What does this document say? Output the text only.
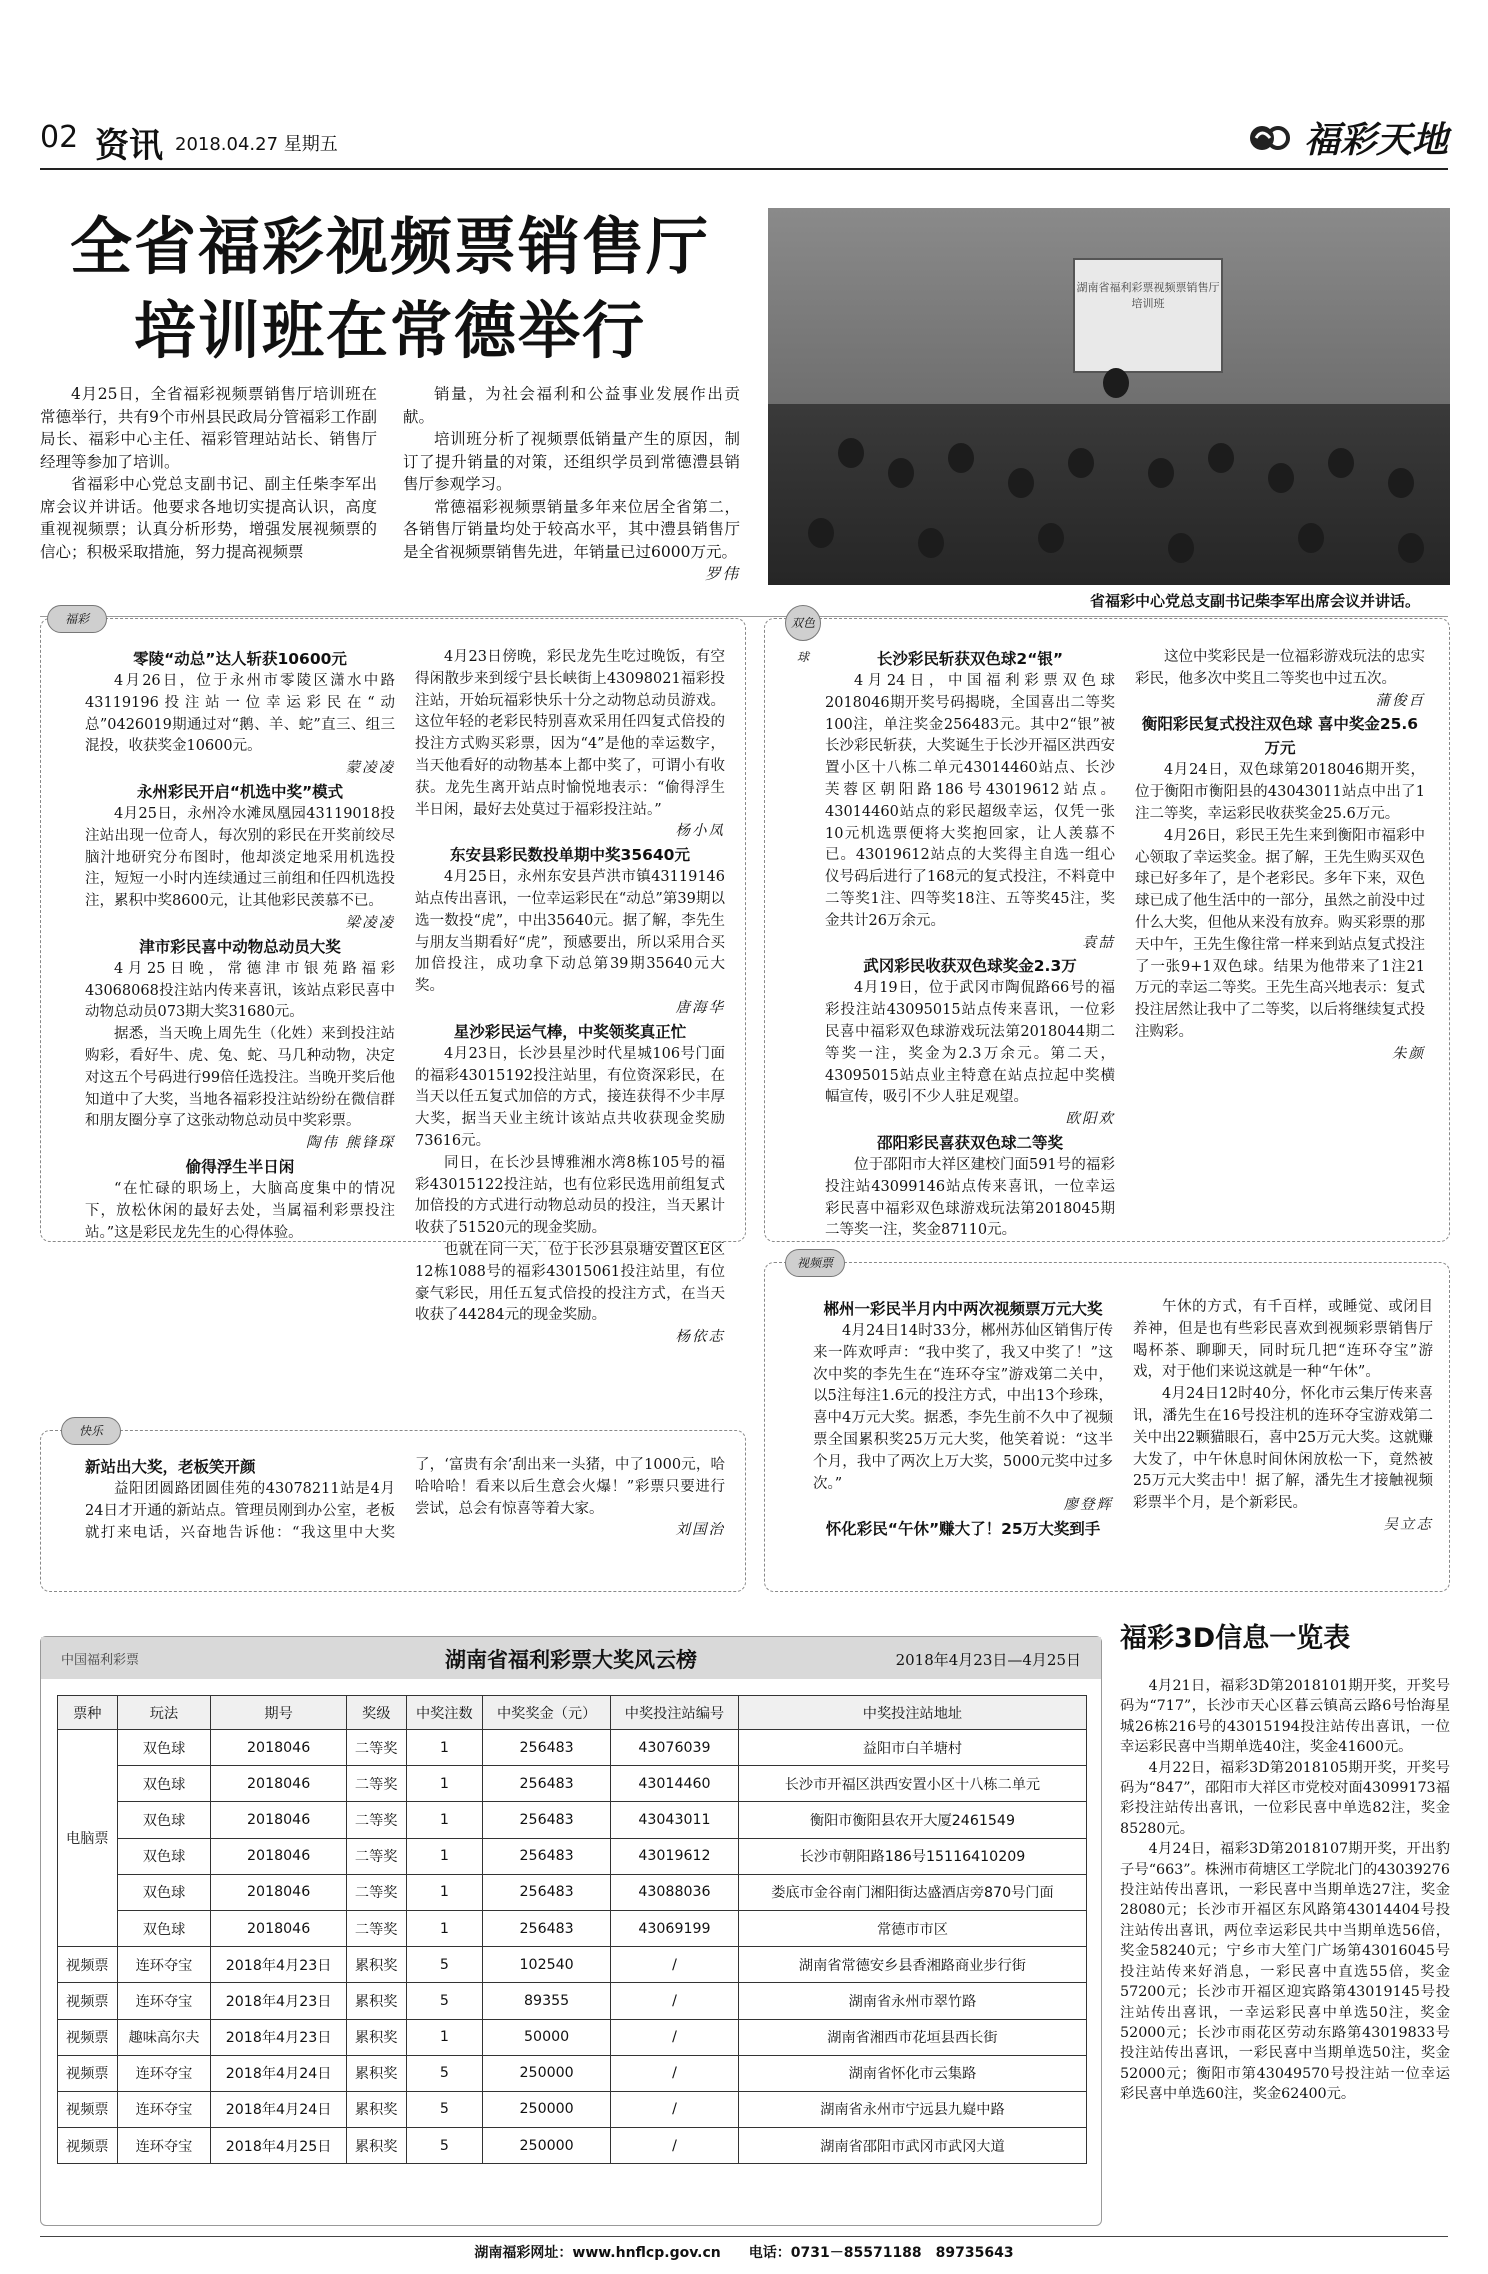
02 资讯 2018.04.27 星期五	福彩天地
全省福彩视频票销售厅
培训班在常德举行

4月25日，全省福彩视频票销售厅培训班在常德举行，共有9个市州县民政局分管福彩工作副局长、福彩中心主任、福彩管理站站长、销售厅经理等参加了培训。

省福彩中心党总支副书记、副主任柴李军出席会议并讲话。他要求各地切实提高认识，高度重视视频票；认真分析形势，增强发展视频票的信心；积极采取措施，努力提高视频票

销量，为社会福利和公益事业发展作出贡献。

培训班分析了视频票低销量产生的原因，制订了提升销量的对策，还组织学员到常德澧县销售厅参观学习。

常德福彩视频票销量多年来位居全省第二，各销售厅销量均处于较高水平，其中澧县销售厅是全省视频票销售先进，年销量已过6000万元。

罗伟
湖南省福利彩票视频票销售厅培训班
省福彩中心党总支副书记柴李军出席会议并讲话。
福彩
零陵“动总”达人斩获10600元

4月26日，位于永州市零陵区潇水中路43119196投注站一位幸运彩民在“动总”0426019期通过对“鹅、羊、蛇”直三、组三混投，收获奖金10600元。

蒙凌凌
永州彩民开启“机选中奖”模式

4月25日，永州冷水滩凤凰园43119018投注站出现一位奇人，每次别的彩民在开奖前绞尽脑汁地研究分布图时，他却淡定地采用机选投注，短短一小时内连续通过三前组和任四机选投注，累积中奖8600元，让其他彩民羡慕不已。

梁凌凌
津市彩民喜中动物总动员大奖

4月25日晚，常德津市银苑路福彩43068068投注站内传来喜讯，该站点彩民喜中动物总动员073期大奖31680元。

据悉，当天晚上周先生（化姓）来到投注站购彩，看好牛、虎、兔、蛇、马几种动物，决定对这五个号码进行99倍任选投注。当晚开奖后他知道中了大奖，当地各福彩投注站纷纷在微信群和朋友圈分享了这张动物总动员中奖彩票。

陶伟 熊锋琛
偷得浮生半日闲

“在忙碌的职场上，大脑高度集中的情况下，放松休闲的最好去处，当属福利彩票投注站。”这是彩民龙先生的心得体验。

4月23日傍晚，彩民龙先生吃过晚饭，有空得闲散步来到绥宁县长峡街上43098021福彩投注站，开始玩福彩快乐十分之动物总动员游戏。这位年轻的老彩民特别喜欢采用任四复式倍投的投注方式购买彩票，因为“4”是他的幸运数字，当天他看好的动物基本上都中奖了，可谓小有收获。龙先生离开站点时愉悦地表示：“偷得浮生半日闲，最好去处莫过于福彩投注站。”

杨小凤
东安县彩民数投单期中奖35640元

4月25日，永州东安县芦洪市镇43119146站点传出喜讯，一位幸运彩民在“动总”第39期以选一数投“虎”，中出35640元。据了解，李先生与朋友当期看好“虎”，预感要出，所以采用合买加倍投注，成功拿下动总第39期35640元大奖。

唐海华
星沙彩民运气棒，中奖领奖真正忙

4月23日，长沙县星沙时代星城106号门面的福彩43015192投注站里，有位资深彩民，在当天以任五复式加倍的方式，接连获得不少丰厚大奖，据当天业主统计该站点共收获现金奖励73616元。

同日，在长沙县博雅湘水湾8栋105号的福彩43015122投注站，也有位彩民选用前组复式加倍投的方式进行动物总动员的投注，当天累计收获了51520元的现金奖励。

也就在同一天，位于长沙县泉塘安置区E区12栋1088号的福彩43015061投注站里，有位豪气彩民，用任五复式倍投的投注方式，在当天收获了44284元的现金奖励。

杨依志
双色球	长沙彩民斩获双色球2“银”

4月24日，中国福利彩票双色球2018046期开奖号码揭晓，全国喜出二等奖100注，单注奖金256483元。其中2“银”被长沙彩民斩获，大奖诞生于长沙开福区洪西安置小区十八栋二单元43014460站点、长沙芙蓉区朝阳路186号43019612站点。43014460站点的彩民超级幸运，仅凭一张10元机选票便将大奖抱回家，让人羡慕不已。43019612站点的大奖得主自选一组心仪号码后进行了168元的复式投注，不料竟中二等奖1注、四等奖18注、五等奖45注，奖金共计26万余元。

袁喆
武冈彩民收获双色球奖金2.3万

4月19日，位于武冈市陶侃路66号的福彩投注站43095015站点传来喜讯，一位彩民喜中福彩双色球游戏玩法第2018044期二等奖一注，奖金为2.3万余元。第二天，43095015站点业主特意在站点拉起中奖横幅宣传，吸引不少人驻足观望。

欧阳欢
邵阳彩民喜获双色球二等奖

位于邵阳市大祥区建校门面591号的福彩投注站43099146站点传来喜讯，一位幸运彩民喜中福彩双色球游戏玩法第2018045期二等奖一注，奖金87110元。

这位中奖彩民是一位福彩游戏玩法的忠实彩民，他多次中奖且二等奖也中过五次。

蒲俊百
衡阳彩民复式投注双色球 喜中奖金25.6万元

4月24日，双色球第2018046期开奖，位于衡阳市衡阳县的43043011站点中出了1注二等奖，幸运彩民收获奖金25.6万元。

4月26日，彩民王先生来到衡阳市福彩中心领取了幸运奖金。据了解，王先生购买双色球已好多年了，是个老彩民。多年下来，双色球已成了他生活中的一部分，虽然之前没中过什么大奖，但他从来没有放弃。购买彩票的那天中午，王先生像往常一样来到站点复式投注了一张9+1双色球。结果为他带来了1注21万元的幸运二等奖。王先生高兴地表示：复式投注居然让我中了二等奖，以后将继续复式投注购彩。

朱颜
视频票
郴州一彩民半月内中两次视频票万元大奖

4月24日14时33分，郴州苏仙区销售厅传来一阵欢呼声：“我中奖了，我又中奖了！”这次中奖的李先生在“连环夺宝”游戏第二关中，以5注每注1.6元的投注方式，中出13个珍珠，喜中4万元大奖。据悉，李先生前不久中了视频票全国累积奖25万元大奖，他笑着说：“这半个月，我中了两次上万大奖，5000元奖中过多次。”

廖登辉
怀化彩民“午休”赚大了！25万大奖到手

午休的方式，有千百样，或睡觉、或闭目养神，但是也有些彩民喜欢到视频彩票销售厅喝杯茶、聊聊天，同时玩几把“连环夺宝”游戏，对于他们来说这就是一种“午休”。

4月24日12时40分，怀化市云集厅传来喜讯，潘先生在16号投注机的连环夺宝游戏第二关中出22颗猫眼石，喜中25万元大奖。这就赚大发了，中午休息时间休闲放松一下，竟然被25万元大奖击中！据了解，潘先生才接触视频彩票半个月，是个新彩民。

吴立志
快乐
新站出大奖，老板笑开颜

益阳团圆路团圆佳苑的43078211站是4月24日才开通的新站点。管理员刚到办公室，老板就打来电话，兴奋地告诉他：“我这里中大奖了，‘富贵有余’刮出来一头猪，中了1000元，哈哈哈哈！看来以后生意会火爆！”彩票只要进行尝试，总会有惊喜等着大家。

刘国治
中国福利彩票	湖南省福利彩票大奖风云榜	2018年4月23日—4月25日
票种	玩法	期号	奖级	中奖注数	中奖奖金（元）	中奖投注站编号	中奖投注站地址
电脑票	双色球	2018046	二等奖	1	256483	43076039	益阳市白羊塘村
	双色球	2018046	二等奖	1	256483	43014460	长沙市开福区洪西安置小区十八栋二单元
	双色球	2018046	二等奖	1	256483	43043011	衡阳市衡阳县农开大厦2461549
	双色球	2018046	二等奖	1	256483	43019612	长沙市朝阳路186号15116410209
	双色球	2018046	二等奖	1	256483	43088036	娄底市金谷南门湘阳街达盛酒店旁870号门面
	双色球	2018046	二等奖	1	256483	43069199	常德市市区
视频票	连环夺宝	2018年4月23日	累积奖	5	102540	/	湖南省常德安乡县香湘路商业步行街
视频票	连环夺宝	2018年4月23日	累积奖	5	89355	/	湖南省永州市翠竹路
视频票	趣味高尔夫	2018年4月23日	累积奖	1	50000	/	湖南省湘西市花垣县西长街
视频票	连环夺宝	2018年4月24日	累积奖	5	250000	/	湖南省怀化市云集路
视频票	连环夺宝	2018年4月24日	累积奖	5	250000	/	湖南省永州市宁远县九嶷中路
视频票	连环夺宝	2018年4月25日	累积奖	5	250000	/	湖南省邵阳市武冈市武冈大道
福彩3D信息一览表

4月21日，福彩3D第2018101期开奖，开奖号码为“717”，长沙市天心区暮云镇高云路6号怡海星城26栋216号的43015194投注站传出喜讯，一位幸运彩民喜中当期单选40注，奖金41600元。

4月22日，福彩3D第2018105期开奖，开奖号码为“847”，邵阳市大祥区市党校对面43099173福彩投注站传出喜讯，一位彩民喜中单选82注，奖金85280元。

4月24日，福彩3D第2018107期开奖，开出豹子号“663”。株洲市荷塘区工学院北门的43039276投注站传出喜讯，一彩民喜中当期单选27注，奖金28080元；长沙市开福区东风路第43014404号投注站传出喜讯，两位幸运彩民共中当期单选56倍，奖金58240元；宁乡市大笙门广场第43016045号投注站传来好消息，一彩民喜中直选55倍，奖金57200元；长沙市开福区迎宾路第43019145号投注站传出喜讯，一幸运彩民喜中单选50注，奖金52000元；长沙市雨花区劳动东路第43019833号投注站传出喜讯，一彩民喜中当期单选50注，奖金52000元；衡阳市第43049570号投注站一位幸运彩民喜中单选60注，奖金62400元。

湖南福彩网址：www.hnflcp.gov.cn　　电话：0731－85571188　89735643
